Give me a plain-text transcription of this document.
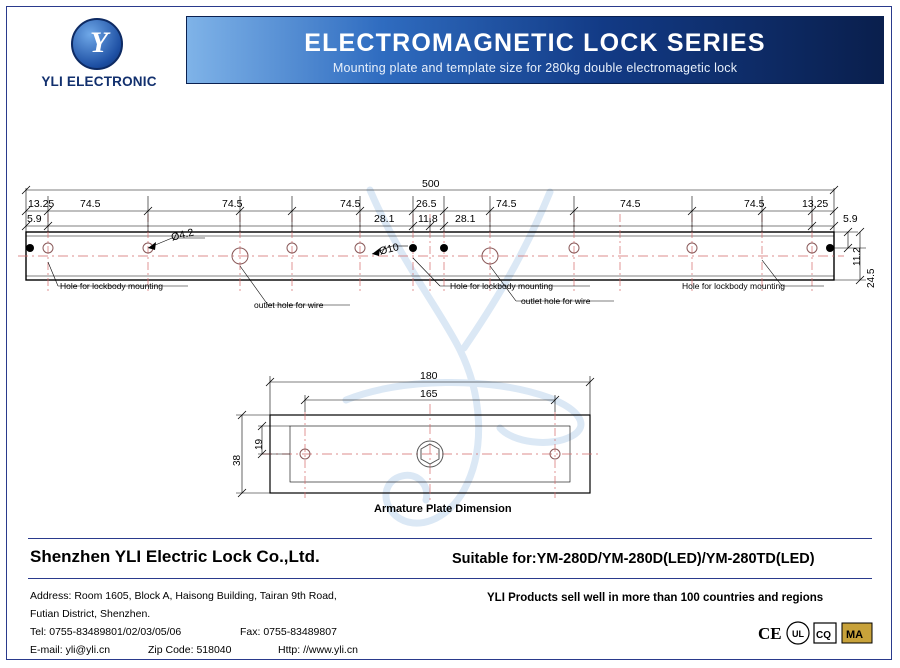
Y
YLI ELECTRONIC
ELECTROMAGNETIC LOCK SERIES
Mounting plate and template size for 280kg double electromagetic lock
500
13.25 74.5	74.5	74.5	26.5	74.5	74.5	74.5	13.25
5.9	28.1 11.8 28.1	5.9
11.2
24.5
Ø4.2
Ø10
Hole for lockbody mounting
outlet hole for wire
Hole for lockbody mounting
outlet hole for wire
Hole for lockbody mounting
180
165
38
19
Armature Plate Dimension
Shenzhen YLI Electric Lock Co.,Ltd.	Suitable for:YM-280D/YM-280D(LED)/YM-280TD(LED)
Address: Room 1605, Block A, Haisong Building, Tairan 9th Road,
Futian District, Shenzhen.
Tel: 0755-83489801/02/03/05/06	Fax: 0755-83489807
E-mail: yli@yli.cn	Zip Code: 518040	Http: //www.yli.cn
YLI Products sell well in more than 100 countries and regions
CE UL CQ MA
